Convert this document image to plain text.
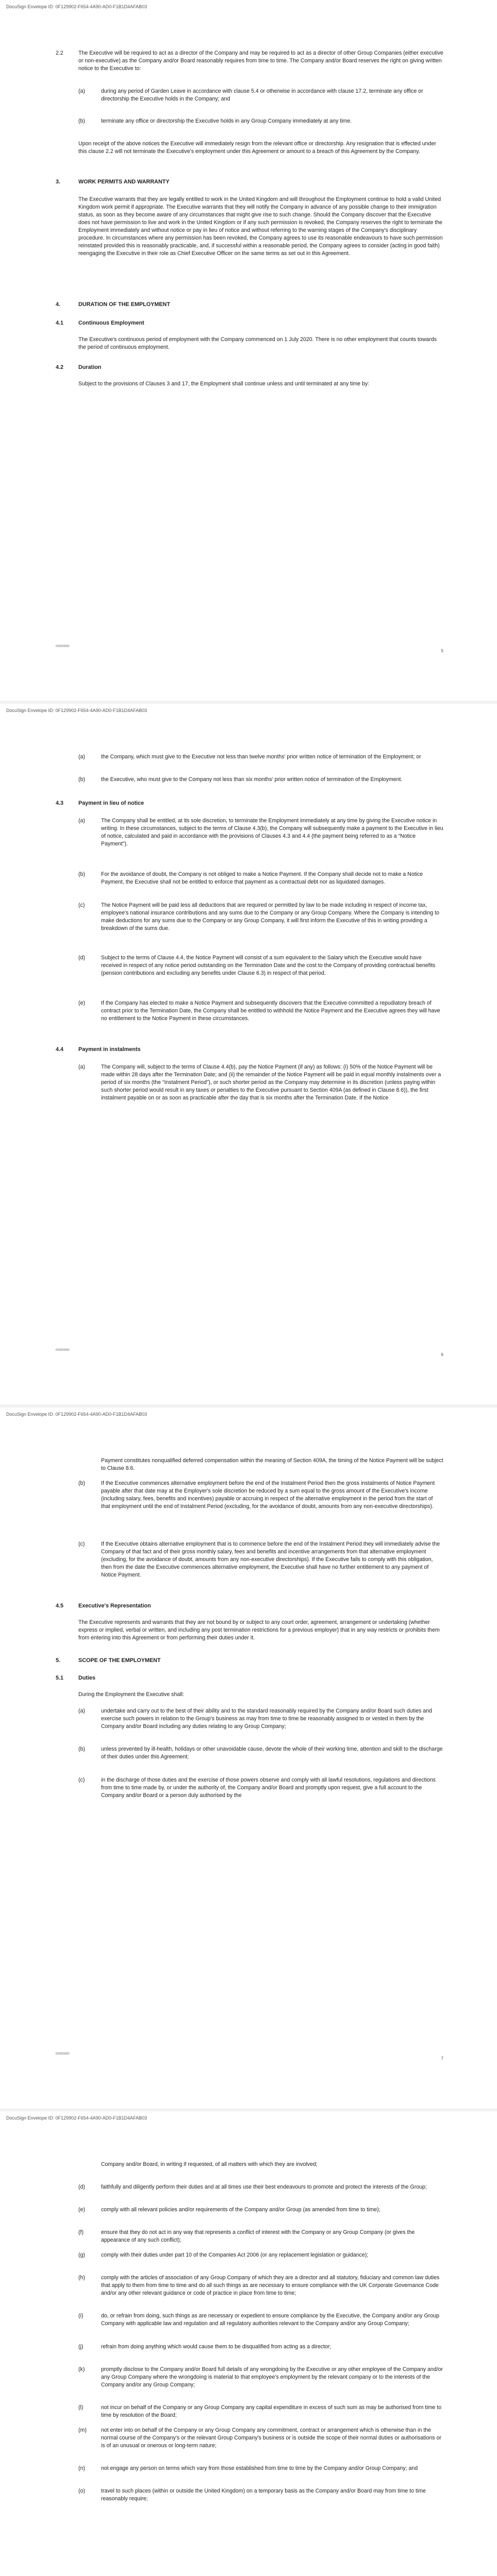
DocuSign Envelope ID: 0F129902-F654-4A90-AD0-F1B1D4AFAB03

2.2	The Executive will be required to act as a director of the Company and may be required to act as a director of other Group Companies (either executive or non-executive) as the Company and/or Board reasonably requires from time to time. The Company and/or Board reserves the right on giving written notice to the Executive to:

(a)	during any period of Garden Leave in accordance with clause 5.4 or otherwise in accordance with clause 17.2, terminate any office or directorship the Executive holds in the Company; and

(b)	terminate any office or directorship the Executive holds in any Group Company immediately at any time.

Upon receipt of the above notices the Executive will immediately resign from the relevant office or directorship. Any resignation that is effected under this clause 2.2 will not terminate the Executive's employment under this Agreement or amount to a breach of this Agreement by the Company.

3.	WORK PERMITS AND WARRANTY

The Executive warrants that they are legally entitled to work in the United Kingdom and will throughout the Employment continue to hold a valid United Kingdom work permit if appropriate. The Executive warrants that they will notify the Company in advance of any possible change to their immigration status, as soon as they become aware of any circumstances that might give rise to such change. Should the Company discover that the Executive does not have permission to live and work in the United Kingdom or if any such permission is revoked, the Company reserves the right to terminate the Employment immediately and without notice or pay in lieu of notice and without referring to the warning stages of the Company's disciplinary procedure. In circumstances where any permission has been revoked, the Company agrees to use its reasonable endeavours to have such permission reinstated provided this is reasonably practicable, and, if successful within a reasonable period, the Company agrees to consider (acting in good faith) reengaging the Executive in their role as Chief Executive Officer on the same terms as set out in this Agreement.

4.	DURATION OF THE EMPLOYMENT

4.1	Continuous Employment

The Executive's continuous period of employment with the Company commenced on 1 July 2020. There is no other employment that counts towards the period of continuous employment.

4.2	Duration

Subject to the provisions of Clauses 3 and 17, the Employment shall continue unless and until terminated at any time by:

00000000
5
DocuSign Envelope ID: 0F129902-F654-4A90-AD0-F1B1D4AFAB03

(a)	the Company, which must give to the Executive not less than twelve months' prior written notice of termination of the Employment; or

(b)	the Executive, who must give to the Company not less than six months' prior written notice of termination of the Employment.

4.3	Payment in lieu of notice

(a)	The Company shall be entitled, at its sole discretion, to terminate the Employment immediately at any time by giving the Executive notice in writing. In these circumstances, subject to the terms of Clause 4.3(b), the Company will subsequently make a payment to the Executive in lieu of notice, calculated and paid in accordance with the provisions of Clauses 4.3 and 4.4 (the payment being referred to as a “Notice Payment”).

(b)	For the avoidance of doubt, the Company is not obliged to make a Notice Payment. If the Company shall decide not to make a Notice Payment, the Executive shall not be entitled to enforce that payment as a contractual debt nor as liquidated damages.

(c)	The Notice Payment will be paid less all deductions that are required or permitted by law to be made including in respect of income tax, employee's national insurance contributions and any sums due to the Company or any Group Company. Where the Company is intending to make deductions for any sums due to the Company or any Group Company, it will first inform the Executive of this in writing providing a breakdown of the sums due.

(d)	Subject to the terms of Clause 4.4, the Notice Payment will consist of a sum equivalent to the Salary which the Executive would have received in respect of any notice period outstanding on the Termination Date and the cost to the Company of providing contractual benefits (pension contributions and excluding any benefits under Clause 6.3) in respect of that period.

(e)	If the Company has elected to make a Notice Payment and subsequently discovers that the Executive committed a repudiatory breach of contract prior to the Termination Date, the Company shall be entitled to withhold the Notice Payment and the Executive agrees they will have no entitlement to the Notice Payment in these circumstances.

4.4	Payment in instalments

(a)	The Company will, subject to the terms of Clause 4.4(b), pay the Notice Payment (if any) as follows: (i) 50% of the Notice Payment will be made within 28 days after the Termination Date; and (ii) the remainder of the Notice Payment will be paid in equal monthly instalments over a period of six months (the “Instalment Period”), or such shorter period as the Company may determine in its discretion (unless paying within such shorter period would result in any taxes or penalties to the Executive pursuant to Section 409A (as defined in Clause 8.6)), the first instalment payable on or as soon as practicable after the day that is six months after the Termination Date. If the Notice

00000000
6
DocuSign Envelope ID: 0F129902-F654-4A90-AD0-F1B1D4AFAB03

Payment constitutes nonqualified deferred compensation within the meaning of Section 409A, the timing of the Notice Payment will be subject to Clause 8.6.

(b)	If the Executive commences alternative employment before the end of the Instalment Period then the gross instalments of Notice Payment payable after that date may at the Employer's sole discretion be reduced by a sum equal to the gross amount of the Executive's income (including salary, fees, benefits and incentives) payable or accruing in respect of the alternative employment in the period from the start of that employment until the end of Instalment Period (excluding, for the avoidance of doubt, amounts from any non-executive directorships).

(c)	If the Executive obtains alternative employment that is to commence before the end of the Instalment Period they will immediately advise the Company of that fact and of their gross monthly salary, fees and benefits and incentive arrangements from that alternative employment (excluding, for the avoidance of doubt, amounts from any non-executive directorships). If the Executive fails to comply with this obligation, then from the date the Executive commences alternative employment, the Executive shall have no further entitlement to any payment of Notice Payment.

4.5	Executive's Representation

The Executive represents and warrants that they are not bound by or subject to any court order, agreement, arrangement or undertaking (whether express or implied, verbal or written, and including any post termination restrictions for a previous employer) that in any way restricts or prohibits them from entering into this Agreement or from performing their duties under it.

5.	SCOPE OF THE EMPLOYMENT

5.1	Duties

During the Employment the Executive shall:

(a)	undertake and carry out to the best of their ability and to the standard reasonably required by the Company and/or Board such duties and exercise such powers in relation to the Group's business as may from time to time be reasonably assigned to or vested in them by the Company and/or Board including any duties relating to any Group Company;

(b)	unless prevented by ill-health, holidays or other unavoidable cause, devote the whole of their working time, attention and skill to the discharge of their duties under this Agreement;

(c)	in the discharge of those duties and the exercise of those powers observe and comply with all lawful resolutions, regulations and directions from time to time made by, or under the authority of, the Company and/or Board and promptly upon request, give a full account to the Company and/or Board or a person duly authorised by the

00000000
7
DocuSign Envelope ID: 0F129902-F654-4A90-AD0-F1B1D4AFAB03

Company and/or Board, in writing if requested, of all matters with which they are involved;

(d)	faithfully and diligently perform their duties and at all times use their best endeavours to promote and protect the interests of the Group;

(e)	comply with all relevant policies and/or requirements of the Company and/or Group (as amended from time to time);

(f)	ensure that they do not act in any way that represents a conflict of interest with the Company or any Group Company (or gives the appearance of any such conflict);

(g)	comply with their duties under part 10 of the Companies Act 2006 (or any replacement legislation or guidance);

(h)	comply with the articles of association of any Group Company of which they are a director and all statutory, fiduciary and common law duties that apply to them from time to time and do all such things as are necessary to ensure compliance with the UK Corporate Governance Code and/or any other relevant guidance or code of practice in place from time to time;

(i)	do, or refrain from doing, such things as are necessary or expedient to ensure compliance by the Executive, the Company and/or any Group Company with applicable law and regulation and all regulatory authorities relevant to the Company and/or any Group Company;

(j)	refrain from doing anything which would cause them to be disqualified from acting as a director;

(k)	promptly disclose to the Company and/or Board full details of any wrongdoing by the Executive or any other employee of the Company and/or any Group Company where the wrongdoing is material to that employee's employment by the relevant company or to the interests of the Company and/or any Group Company;

(l)	not incur on behalf of the Company or any Group Company any capital expenditure in excess of such sum as may be authorised from time to time by resolution of the Board;

(m)	not enter into on behalf of the Company or any Group Company any commitment, contract or arrangement which is otherwise than in the normal course of the Company's or the relevant Group Company's business or is outside the scope of their normal duties or authorisations or is of an unusual or onerous or long-term nature;

(n)	not engage any person on terms which vary from those established from time to time by the Company and/or Group Company; and

(o)	travel to such places (within or outside the United Kingdom) on a temporary basis as the Company and/or Board may from time to time reasonably require;
